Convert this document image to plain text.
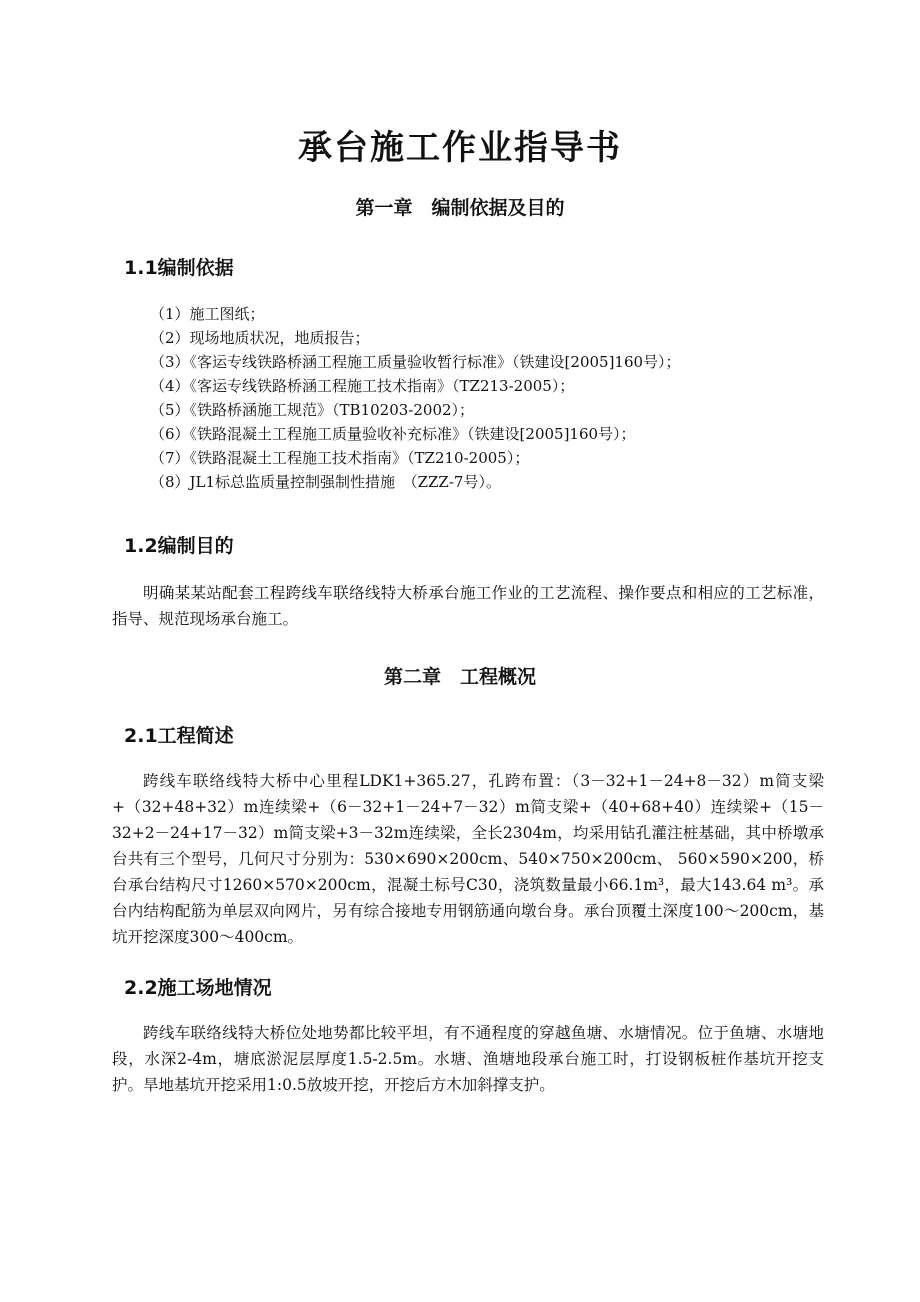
承台施工作业指导书
第一章　编制依据及目的
1.1编制依据
（1）施工图纸；
（2）现场地质状况，地质报告；
（3）《客运专线铁路桥涵工程施工质量验收暂行标准》（铁建设[2005]160号）；
（4）《客运专线铁路桥涵工程施工技术指南》（TZ213-2005）；
（5）《铁路桥涵施工规范》（TB10203-2002）；
（6）《铁路混凝土工程施工质量验收补充标准》（铁建设[2005]160号）；
（7）《铁路混凝土工程施工技术指南》（TZ210-2005）；
（8）JL1标总监质量控制强制性措施　（ZZZ-7号）。
1.2编制目的
明确某某站配套工程跨线车联络线特大桥承台施工作业的工艺流程、操作要点和相应的工艺标准，指导、规范现场承台施工。
第二章　工程概况
2.1工程简述
跨线车联络线特大桥中心里程LDK1+365.27，孔跨布置：（3－32+1－24+8－32）m简支梁+（32+48+32）m连续梁+（6－32+1－24+7－32）m简支梁+（40+68+40）连续梁+（15－32+2－24+17－32）m简支梁+3－32m连续梁，全长2304m，均采用钻孔灌注桩基础，其中桥墩承台共有三个型号，几何尺寸分别为：530×690×200cm、540×750×200cm、 560×590×200，桥台承台结构尺寸1260×570×200cm，混凝土标号C30，浇筑数量最小66.1m³，最大143.64 m³。承台内结构配筋为单层双向网片，另有综合接地专用钢筋通向墩台身。承台顶覆土深度100～200cm，基坑开挖深度300～400cm。
2.2施工场地情况
跨线车联络线特大桥位处地势都比较平坦，有不通程度的穿越鱼塘、水塘情况。位于鱼塘、水塘地段，水深2-4m，塘底淤泥层厚度1.5-2.5m。水塘、渔塘地段承台施工时，打设钢板桩作基坑开挖支护。旱地基坑开挖采用1:0.5放坡开挖，开挖后方木加斜撑支护。
